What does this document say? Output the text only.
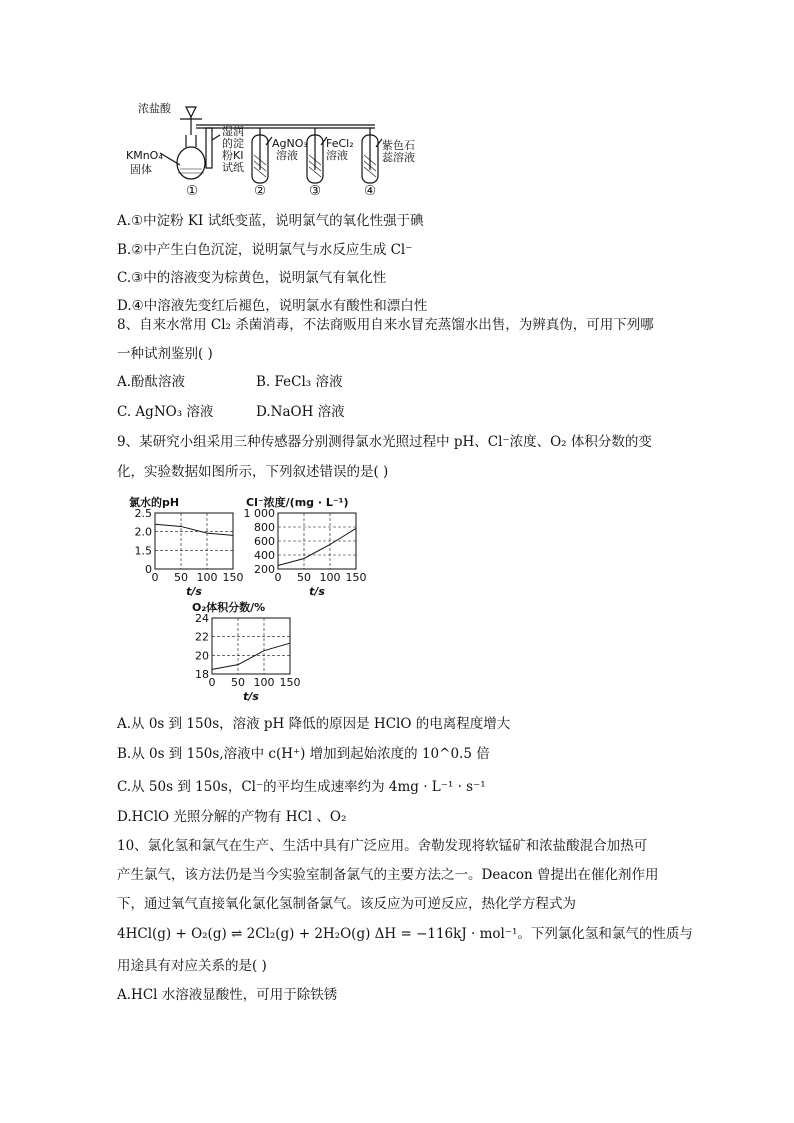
浓盐酸
KMnO₄
固体
湿润
的淀
粉KI
试纸
AgNO₃
溶液
FeCl₂
溶液
紫色石
蕊溶液
①	②	③	④
A.①中淀粉 KI 试纸变蓝，说明氯气的氧化性强于碘
B.②中产生白色沉淀，说明氯气与水反应生成 Cl⁻
C.③中的溶液变为棕黄色，说明氯气有氧化性
D.④中溶液先变红后褪色，说明氯水有酸性和漂白性
8、自来水常用 Cl₂ 杀菌消毒，不法商贩用自来水冒充蒸馏水出售，为辨真伪，可用下列哪
一种试剂鉴别( )
A.酚酞溶液	B. FeCl₃ 溶液
C. AgNO₃ 溶液	D.NaOH 溶液
9、某研究小组采用三种传感器分别测得氯水光照过程中 pH、Cl⁻浓度、O₂ 体积分数的变
化，实验数据如图所示，下列叙述错误的是( )
氯水的pH
0
1.5
2.0
2.5
0 50 100 150
t/s
Cl⁻浓度/(mg · L⁻¹)
200
400
600
800
1 000
0 50 100 150
t/s
O₂体积分数/%
18
20
22
24
0 50 100 150
t/s
A.从 0s 到 150s，溶液 pH 降低的原因是 HClO 的电离程度增大
B.从 0s 到 150s,溶液中 c(H⁺) 增加到起始浓度的 10^0.5 倍
C.从 50s 到 150s，Cl⁻的平均生成速率约为 4mg · L⁻¹ · s⁻¹
D.HClO 光照分解的产物有 HCl 、O₂
10、氯化氢和氯气在生产、生活中具有广泛应用。舍勒发现将软锰矿和浓盐酸混合加热可
产生氯气，该方法仍是当今实验室制备氯气的主要方法之一。Deacon 曾提出在催化剂作用
下，通过氧气直接氧化氯化氢制备氯气。该反应为可逆反应，热化学方程式为
4HCl(g) + O₂(g) ⇌ 2Cl₂(g) + 2H₂O(g) ΔH = −116kJ · mol⁻¹。下列氯化氢和氯气的性质与
用途具有对应关系的是( )
A.HCl 水溶液显酸性，可用于除铁锈
